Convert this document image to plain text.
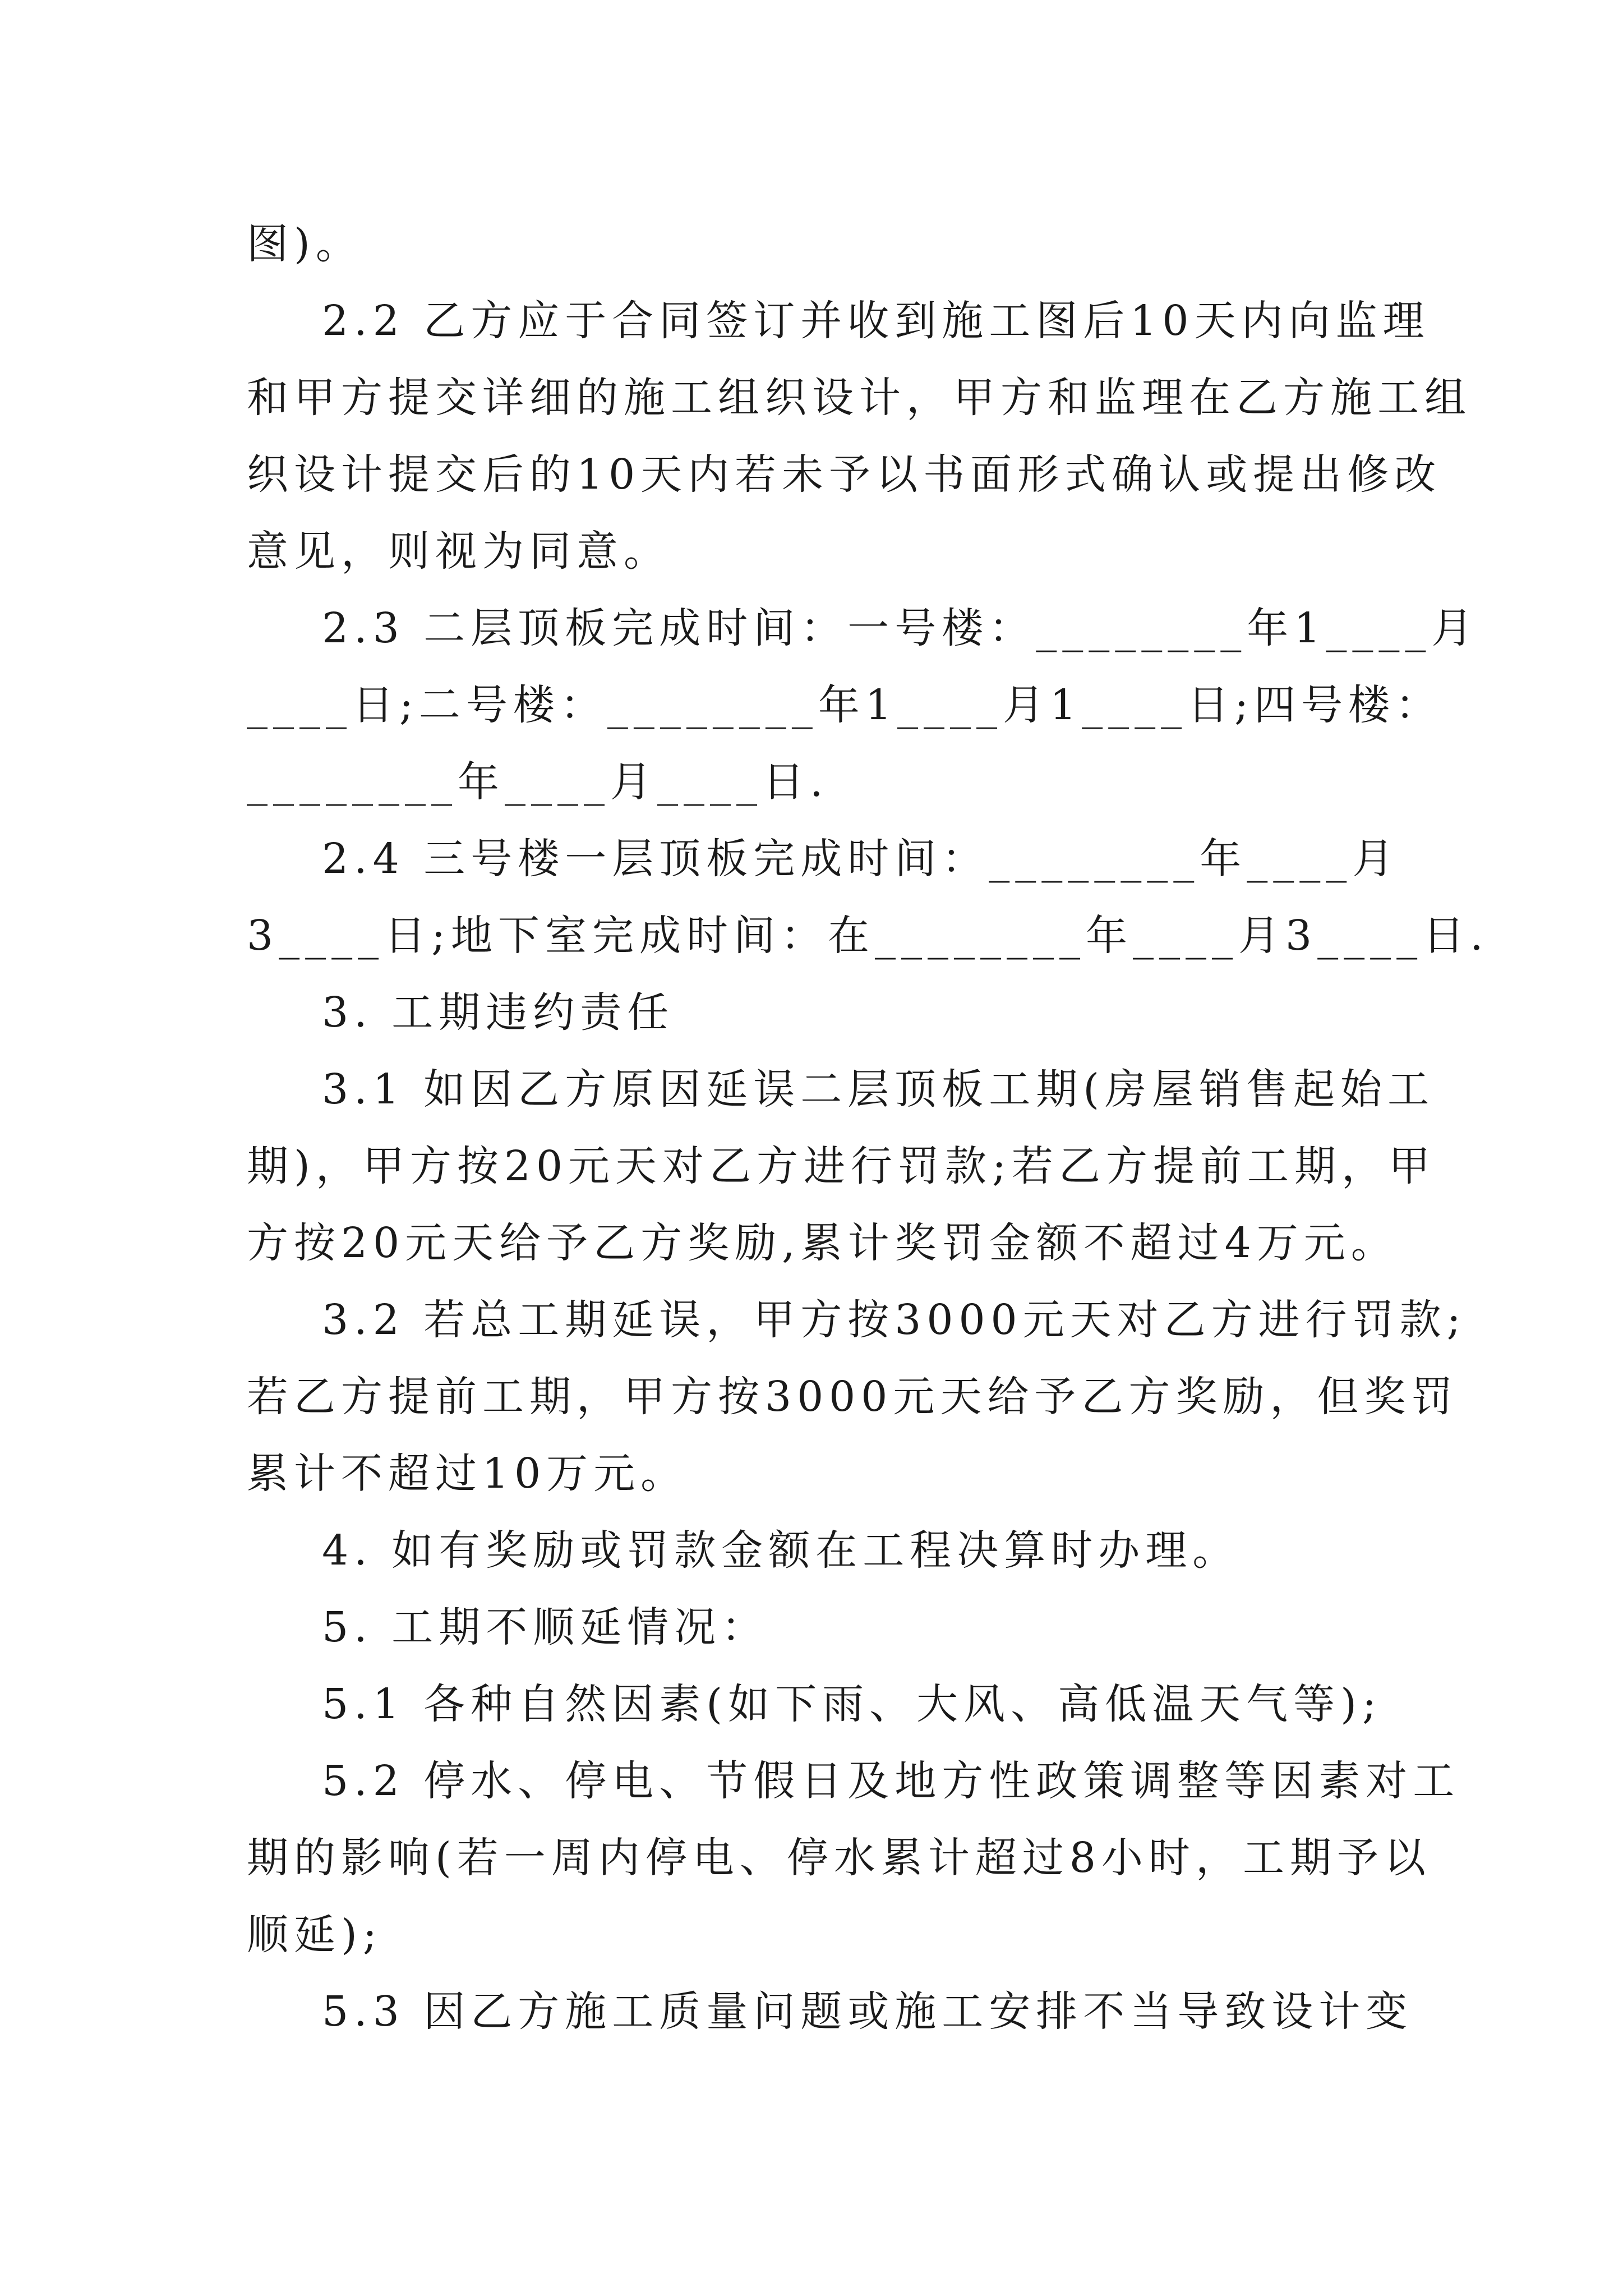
图)。
2.2 乙方应于合同签订并收到施工图后10天内向监理
和甲方提交详细的施工组织设计，甲方和监理在乙方施工组
织设计提交后的10天内若未予以书面形式确认或提出修改
意见，则视为同意。
2.3 二层顶板完成时间：一号楼：________年1____月
____日;二号楼：________年1____月1____日;四号楼：
________年____月____日.
2.4 三号楼一层顶板完成时间：________年____月
3____日;地下室完成时间：在________年____月3____日.
3. 工期违约责任
3.1 如因乙方原因延误二层顶板工期(房屋销售起始工
期)，甲方按20元天对乙方进行罚款;若乙方提前工期，甲
方按20元天给予乙方奖励,累计奖罚金额不超过4万元。
3.2 若总工期延误，甲方按3000元天对乙方进行罚款;
若乙方提前工期，甲方按3000元天给予乙方奖励，但奖罚
累计不超过10万元。
4. 如有奖励或罚款金额在工程决算时办理。
5. 工期不顺延情况：
5.1 各种自然因素(如下雨、大风、高低温天气等);
5.2 停水、停电、节假日及地方性政策调整等因素对工
期的影响(若一周内停电、停水累计超过8小时，工期予以
顺延);
5.3 因乙方施工质量问题或施工安排不当导致设计变
